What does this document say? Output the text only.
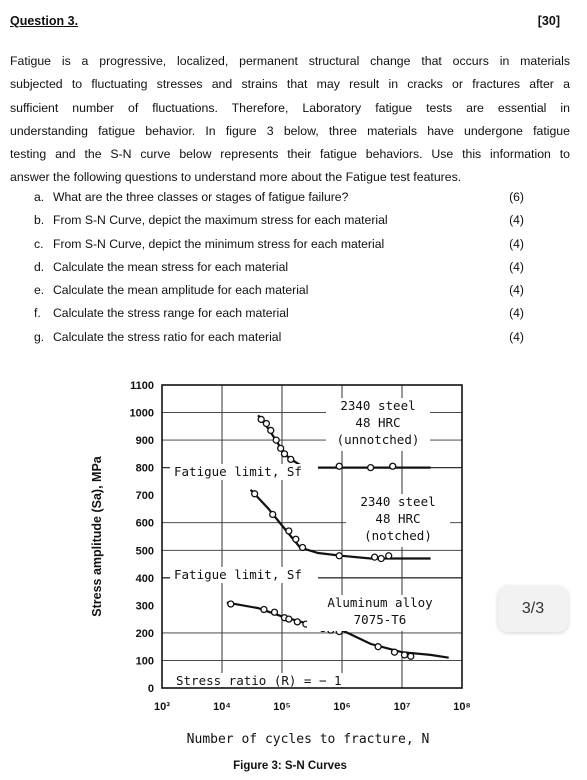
Question 3.	[30]
Fatigue is a progressive, localized, permanent structural change that occurs in materials
subjected to fluctuating stresses and strains that may result in cracks or fractures after a
sufficient number of fluctuations. Therefore, Laboratory fatigue tests are essential in
understanding fatigue behavior. In figure 3 below, three materials have undergone fatigue
testing and the S-N curve below represents their fatigue behaviors. Use this information to
answer the following questions to understand more about the Fatigue test features.
a. What are the three classes or stages of fatigue failure?	(6)
b. From S-N Curve, depict the maximum stress for each material	(4)
c. From S-N Curve, depict the minimum stress for each material	(4)
d. Calculate the mean stress for each material	(4)
e. Calculate the mean amplitude for each material	(4)
f.	Calculate the stress range for each material	(4)
g. Calculate the stress ratio for each material	(4)
0
100
200
300
400
500
600
700
800
900
1000
1100
10³	10⁴	10⁵	10⁶	10⁷	10⁸
Number of cycles to fracture, N
Stress amplitude (Sa), MPa
2340 steel
48 HRC
(unnotched)
2340 steel
48 HRC
(notched)
Aluminum alloy
7075-T6
Fatigue limit, Sf
Fatigue limit, Sf
Stress ratio (R) = − 1
Figure 3: S-N Curves
3/3
